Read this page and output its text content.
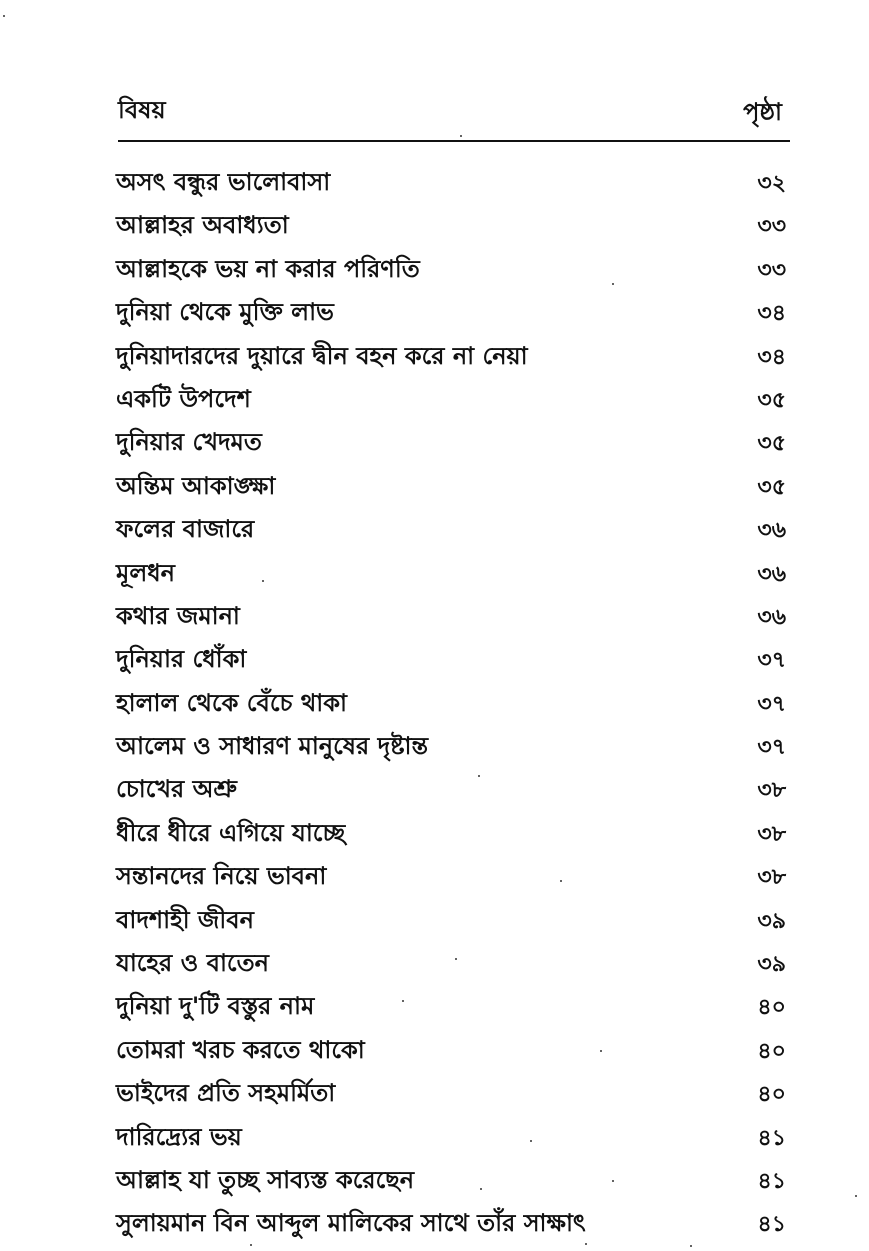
বিষয়	পৃষ্ঠা
অসৎ বন্ধুর ভালোবাসা	৩২
আল্লাহর অবাধ্যতা	৩৩
আল্লাহকে ভয় না করার পরিণতি	৩৩
দুনিয়া থেকে মুক্তি লাভ	৩৪
দুনিয়াদারদের দুয়ারে দ্বীন বহন করে না নেয়া	৩৪
একটি উপদেশ	৩৫
দুনিয়ার খেদমত	৩৫
অন্তিম আকাঙ্ক্ষা	৩৫
ফলের বাজারে	৩৬
মূলধন	৩৬
কথার জমানা	৩৬
দুনিয়ার ধোঁকা	৩৭
হালাল থেকে বেঁচে থাকা	৩৭
আলেম ও সাধারণ মানুষের দৃষ্টান্ত	৩৭
চোখের অশ্রু	৩৮
ধীরে ধীরে এগিয়ে যাচ্ছে	৩৮
সন্তানদের নিয়ে ভাবনা	৩৮
বাদশাহী জীবন	৩৯
যাহের ও বাতেন	৩৯
দুনিয়া দু'টি বস্তুর নাম	৪০
তোমরা খরচ করতে থাকো	৪০
ভাইদের প্রতি সহমর্মিতা	৪০
দারিদ্র্যের ভয়	৪১
আল্লাহ যা তুচ্ছ সাব্যস্ত করেছেন	৪১
সুলায়মান বিন আব্দুল মালিকের সাথে তাঁর সাক্ষাৎ	৪১
